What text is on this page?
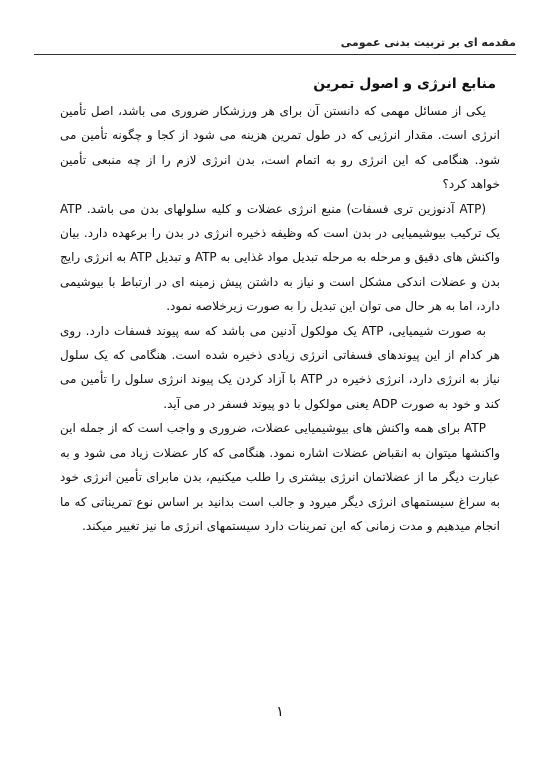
مقدمه ای بر تربیت بدنی عمومی
منابع انرژی و اصول تمرین

یکی از مسائل مهمی که دانستن آن برای هر ورزشکار ضروری می باشد، اصل تأمین انرژی است. مقدار انرژیی که در طول تمرین هزینه می شود از کجا و چگونه تأمین می شود. هنگامی که این انرژی رو به اتمام است، بدن انرژی لازم را از چه منبعی تأمین خواهد کرد؟

(ATP آدنوزین تری فسفات) منبع انرژی عضلات و کلیه سلولهای بدن می باشد. ATP یک ترکیب بیوشیمیایی در بدن است که وظیفه ذخیره انرژی در بدن را برعهده دارد. بیان واکنش های دقیق و مرحله به مرحله تبدیل مواد غذایی به ATP و تبدیل ATP به انرژی رایج بدن و عضلات اندکی مشکل است و نیاز به داشتن پیش زمینه ای در ارتباط با بیوشیمی دارد، اما به هر حال می توان این تبدیل را به صورت زیرخلاصه نمود.

به صورت شیمیایی، ATP یک مولکول آدنین می باشد که سه پیوند فسفات دارد. روی هر کدام از این پیوندهای فسفاتی انرژی زیادی ذخیره شده است. هنگامی که یک سلول نیاز به انرژی دارد، انرژی ذخیره در ATP با آزاد کردن یک پیوند انرژی سلول را تأمین می کند و خود به صورت ADP یعنی مولکول با دو پیوند فسفر در می آید.

ATP برای همه واکنش های بیوشیمیایی عضلات، ضروری و واجب است که از جمله این واکنشها میتوان به انقباض عضلات اشاره نمود. هنگامی که کار عضلات زیاد می شود و به عبارت دیگر ما از عضلاتمان انرژی بیشتری را طلب میکنیم، بدن مابرای تأمین انرژی خود به سراغ سیستمهای انرژی دیگر میرود و جالب است بدانید بر اساس نوع تمریناتی که ما انجام میدهیم و مدت زمانی که این تمرینات دارد سیستمهای انرژی ما نیز تغییر میکند.

۱
